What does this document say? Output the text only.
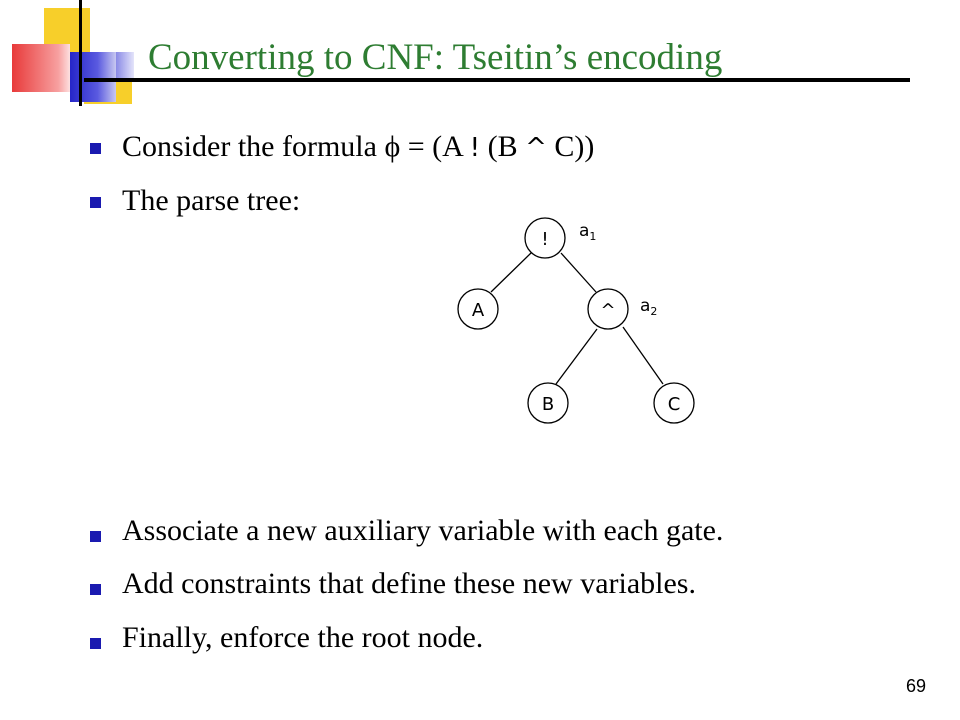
Converting to CNF: Tseitin’s encoding
Consider the formula ϕ = (A ! (B ^ C))
The parse tree:
!
A	^
B	C
$a_1$
$a_2$
Associate a new auxiliary variable with each gate.
Add constraints that define these new variables.
Finally, enforce the root node.
69
